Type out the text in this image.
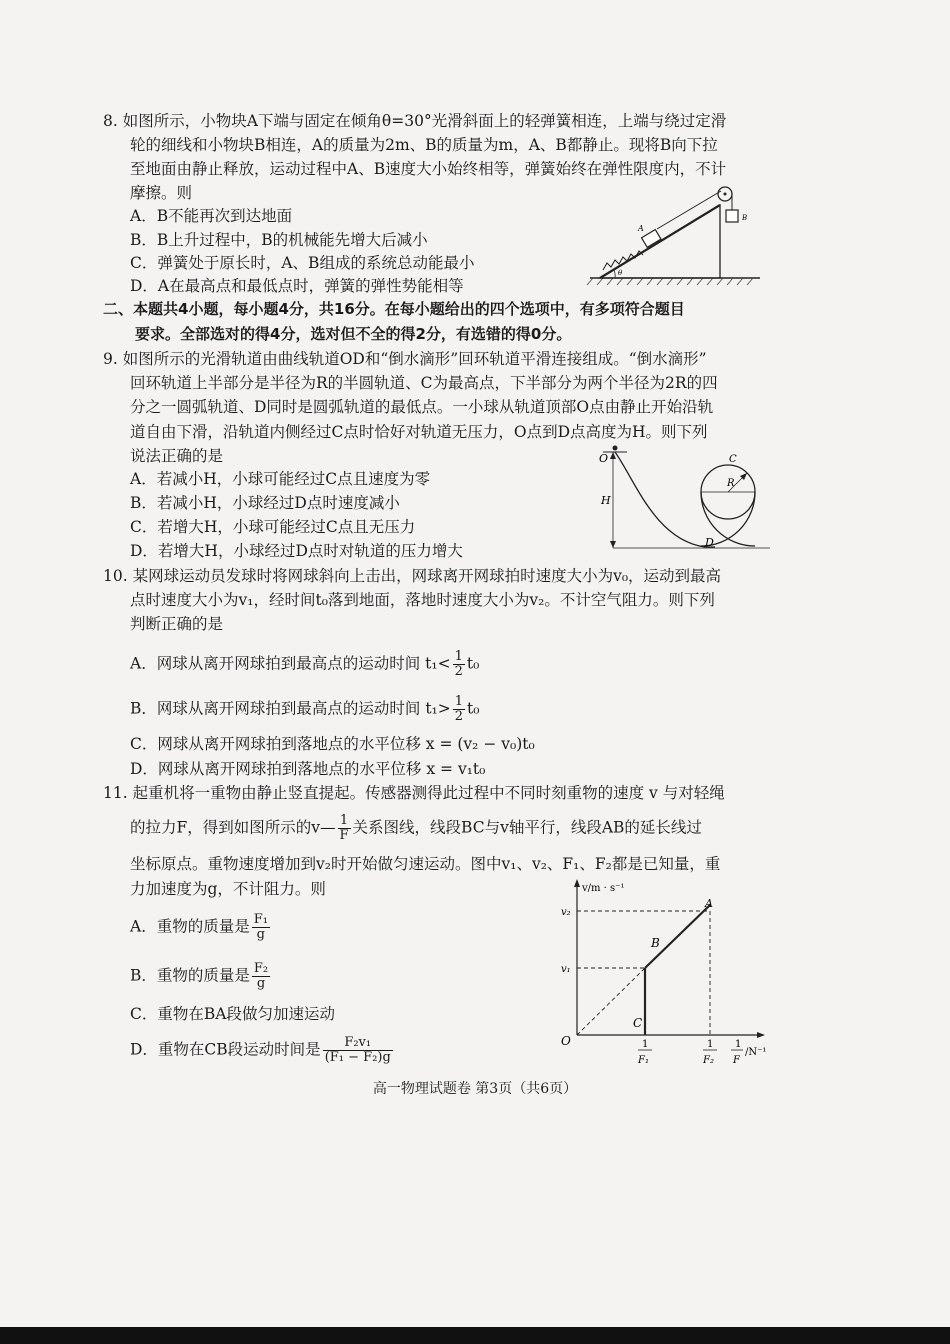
8. 如图所示，小物块A下端与固定在倾角θ=30°光滑斜面上的轻弹簧相连，上端与绕过定滑
轮的细线和小物块B相连，A的质量为2m、B的质量为m，A、B都静止。现将B向下拉
至地面由静止释放，运动过程中A、B速度大小始终相等，弹簧始终在弹性限度内，不计
摩擦。则
A．B不能再次到达地面
B．B上升过程中，B的机械能先增大后减小
C．弹簧处于原长时，A、B组成的系统总动能最小
D．A在最高点和最低点时，弹簧的弹性势能相等
A
B
θ
二、本题共4小题，每小题4分，共16分。在每小题给出的四个选项中，有多项符合题目
要求。全部选对的得4分，选对但不全的得2分，有选错的得0分。
9. 如图所示的光滑轨道由曲线轨道OD和“倒水滴形”回环轨道平滑连接组成。“倒水滴形”
回环轨道上半部分是半径为R的半圆轨道、C为最高点，下半部分为两个半径为2R的四
分之一圆弧轨道、D同时是圆弧轨道的最低点。一小球从轨道顶部O点由静止开始沿轨
道自由下滑，沿轨道内侧经过C点时恰好对轨道无压力，O点到D点高度为H。则下列
说法正确的是
A．若减小H，小球可能经过C点且速度为零
B．若减小H，小球经过D点时速度减小
C．若增大H，小球可能经过C点且无压力
D．若增大H，小球经过D点时对轨道的压力增大
O
H
R
C
D
10. 某网球运动员发球时将网球斜向上击出，网球离开网球拍时速度大小为v₀，运动到最高
点时速度大小为v₁，经时间t₀落到地面，落地时速度大小为v₂。不计空气阻力。则下列
判断正确的是
A．网球从离开网球拍到最高点的运动时间 $t_1< \frac{1}{2} t_0$
B．网球从离开网球拍到最高点的运动时间 $t_1> \frac{1}{2} t_0$
C．网球从离开网球拍到落地点的水平位移 x = (v₂ − v₀)t₀
D．网球从离开网球拍到落地点的水平位移 x = v₁t₀
11. 起重机将一重物由静止竖直提起。传感器测得此过程中不同时刻重物的速度 v 与对轻绳
的拉力F，得到如图所示的v— $\frac{1}{F}$ 关系图线，线段BC与v轴平行，线段AB的延长线过
坐标原点。重物速度增加到v₂时开始做匀速运动。图中v₁、v₂、F₁、F₂都是已知量，重
力加速度为g，不计阻力。则
A．重物的质量是 $\frac{\text{F₁}}{g}$
B．重物的质量是 $\frac{\text{F₂}}{g}$
C．重物在BA段做匀加速运动
D．重物在CB段运动时间是 $\frac{\text{F₂v₁}}{\text{(F₁ − F₂)g}}$
v/m · s⁻¹
O
v₂
v₁
A
B
C
1
F₁
1
F₂
1
F
/N⁻¹
高一物理试题卷 第3页（共6页）
